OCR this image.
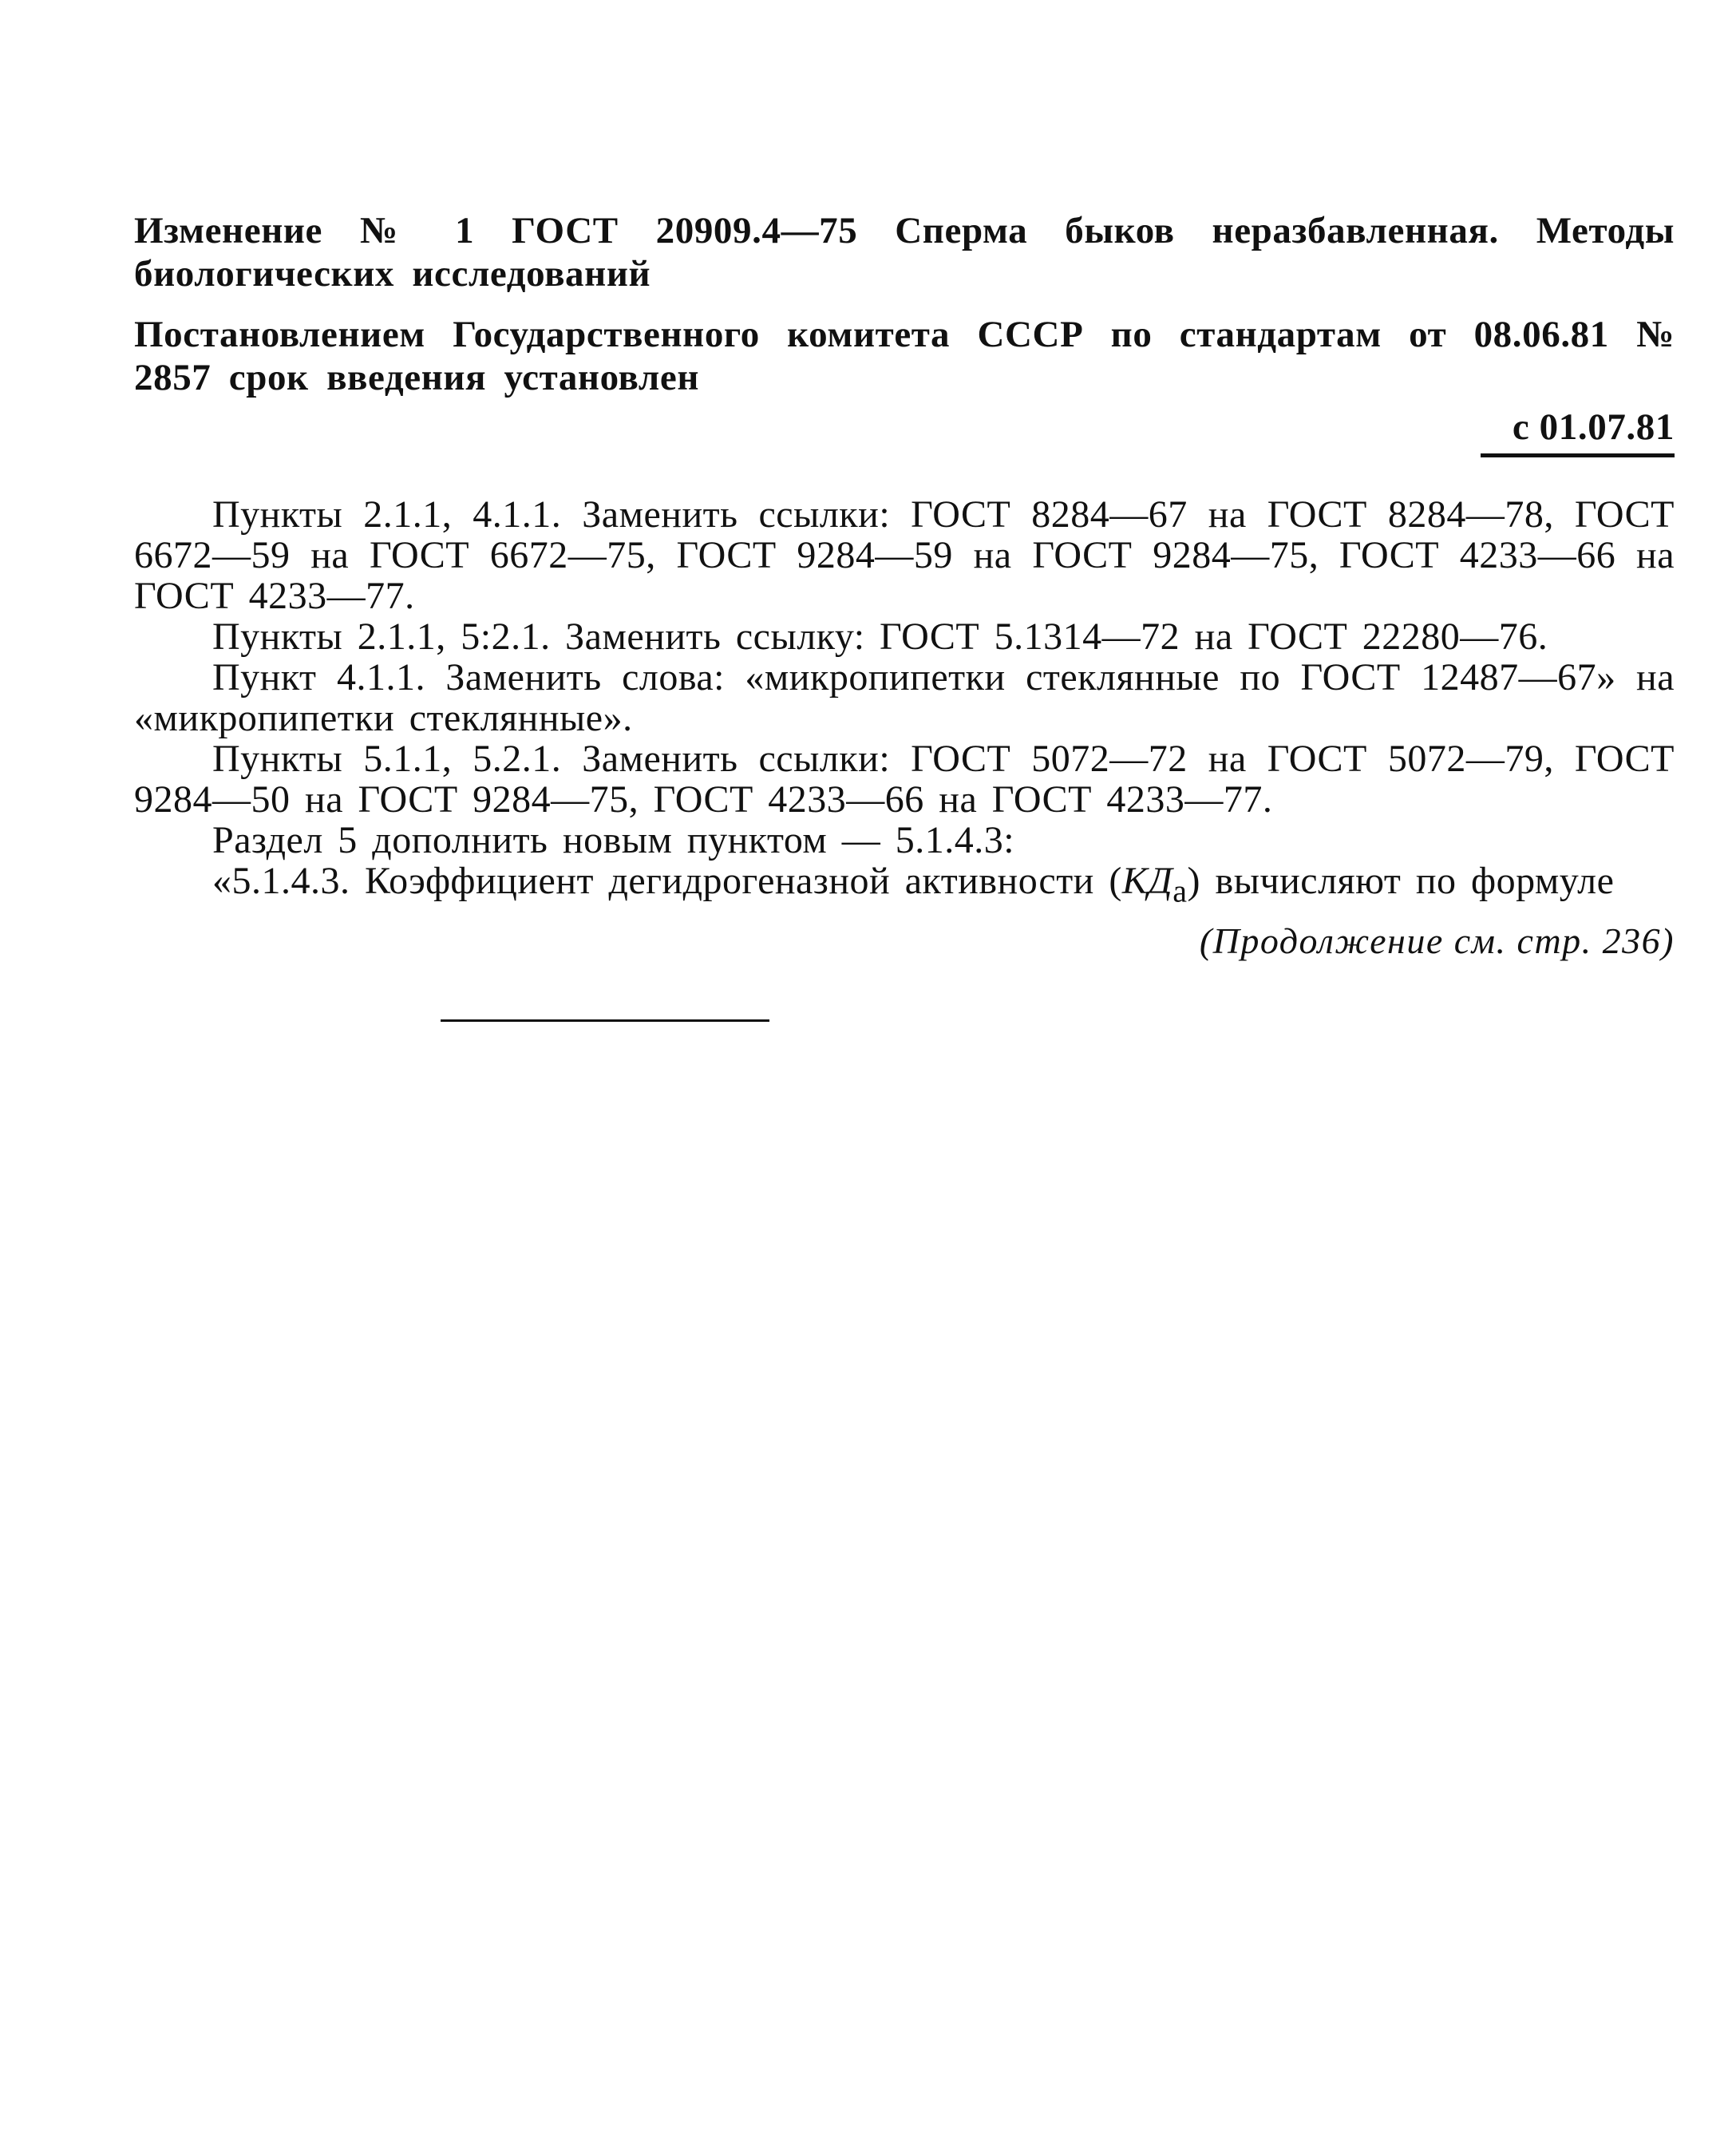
Изменение № 1 ГОСТ 20909.4—75 Сперма быков неразбавленная. Методы биологических исследований

Постановлением Государственного комитета СССР по стандартам от 08.06.81 № 2857 срок введения установлен

с 01.07.81

Пункты 2.1.1, 4.1.1. Заменить ссылки: ГОСТ 8284—67 на ГОСТ 8284—78, ГОСТ 6672—59 на ГОСТ 6672—75, ГОСТ 9284—59 на ГОСТ 9284—75, ГОСТ 4233—66 на ГОСТ 4233—77.

Пункты 2.1.1, 5:2.1. Заменить ссылку: ГОСТ 5.1314—72 на ГОСТ 22280—76.

Пункт 4.1.1. Заменить слова: «микропипетки стеклянные по ГОСТ 12487—67» на «микропипетки стеклянные».

Пункты 5.1.1, 5.2.1. Заменить ссылки: ГОСТ 5072—72 на ГОСТ 5072—79, ГОСТ 9284—50 на ГОСТ 9284—75, ГОСТ 4233—66 на ГОСТ 4233—77.

Раздел 5 дополнить новым пунктом — 5.1.4.3:

«5.1.4.3. Коэффициент дегидрогеназной активности $(КД_а)$ вычисляют по формуле

(Продолжение см. стр. 236)
